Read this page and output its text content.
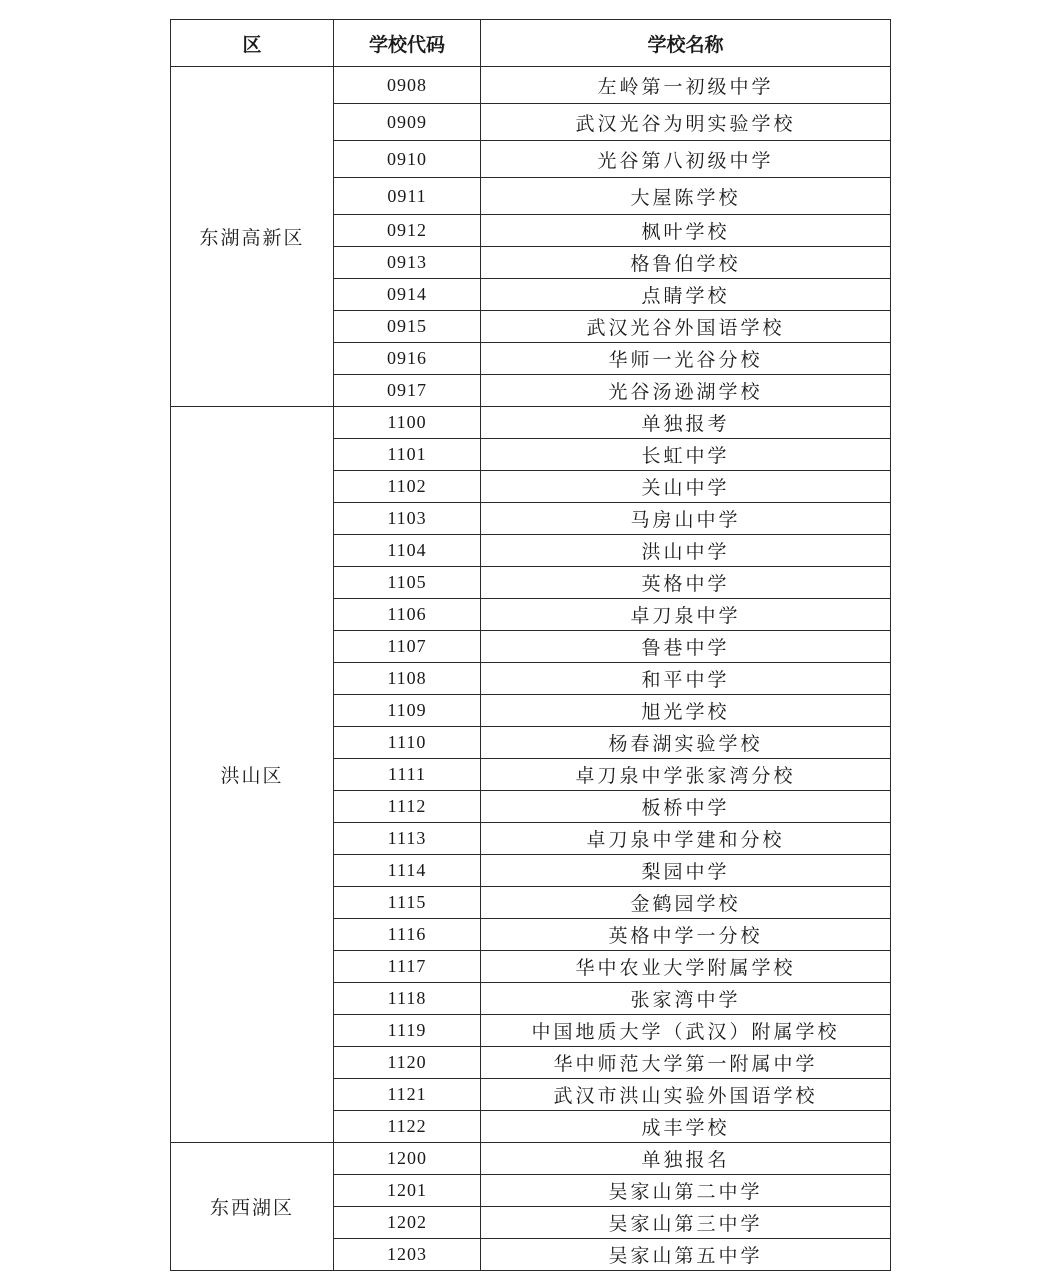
区	学校代码	学校名称
东湖高新区	0908	左岭第一初级中学
	0909	武汉光谷为明实验学校
	0910	光谷第八初级中学
	0911	大屋陈学校
	0912	枫叶学校
	0913	格鲁伯学校
	0914	点睛学校
	0915	武汉光谷外国语学校
	0916	华师一光谷分校
	0917	光谷汤逊湖学校
洪山区	1100	单独报考
	1101	长虹中学
	1102	关山中学
	1103	马房山中学
	1104	洪山中学
	1105	英格中学
	1106	卓刀泉中学
	1107	鲁巷中学
	1108	和平中学
	1109	旭光学校
	1110	杨春湖实验学校
	1111	卓刀泉中学张家湾分校
	1112	板桥中学
	1113	卓刀泉中学建和分校
	1114	梨园中学
	1115	金鹤园学校
	1116	英格中学一分校
	1117	华中农业大学附属学校
	1118	张家湾中学
	1119	中国地质大学（武汉）附属学校
	1120	华中师范大学第一附属中学
	1121	武汉市洪山实验外国语学校
	1122	成丰学校
东西湖区	1200	单独报名
	1201	吴家山第二中学
	1202	吴家山第三中学
	1203	吴家山第五中学
